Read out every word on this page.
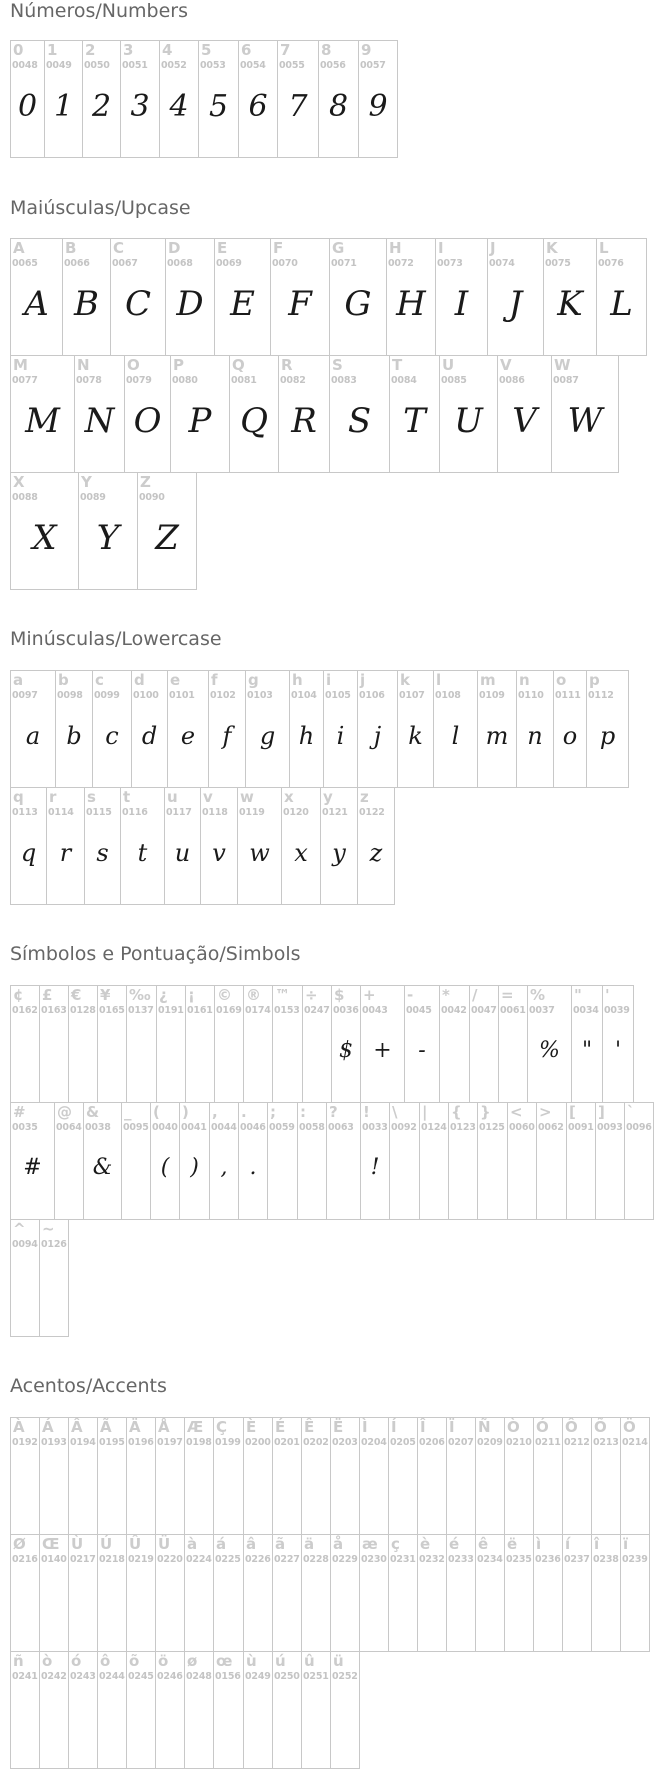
Números/Numbers
0
0048
0
1
0049
1
2
0050
2
3
0051
3
4
0052
4
5
0053
5
6
0054
6
7
0055
7
8
0056
8
9
0057
9
Maiúsculas/Upcase
A
0065
A
B
0066
B
C
0067
C
D
0068
D
E
0069
E
F
0070
F
G
0071
G
H
0072
H
I
0073
I
J
0074
J
K
0075
K
L
0076
L
M
0077
M
N
0078
N
O
0079
O
P
0080
P
Q
0081
Q
R
0082
R
S
0083
S
T
0084
T
U
0085
U
V
0086
V
W
0087
W
X
0088
X
Y
0089
Y
Z
0090
Z
Minúsculas/Lowercase
a
0097
a
b
0098
b
c
0099
c
d
0100
d
e
0101
e
f
0102
f
g
0103
g
h
0104
h
i
0105
i
j
0106
j
k
0107
k
l
0108
l
m
0109
m
n
0110
n
o
0111
o
p
0112
p
q
0113
q
r
0114
r
s
0115
s
t
0116
t
u
0117
u
v
0118
v
w
0119
w
x
0120
x
y
0121
y
z
0122
z
Símbolos e Pontuação/Simbols
¢
0162
£
0163
€
0128
¥
0165
‰
0137
¿
0191
¡
0161
©
0169
®
0174
™
0153
÷
0247
$
0036
$
+
0043
+
-
0045
-
*
0042
/
0047
=
0061
%
0037
%
"
0034
"
'
0039
'
#
0035
#
@
0064
&
0038
&
_
0095
(
0040
(
)
0041
)
,
0044
,
.
0046
.
;
0059
:
0058
?
0063
!
0033
!
\
0092
|
0124
{
0123
}
0125
<
0060
>
0062
[
0091
]
0093
`
0096
^
0094
~
0126
Acentos/Accents
À
0192
Á
0193
Â
0194
Ã
0195
Ä
0196
Å
0197
Æ
0198
Ç
0199
È
0200
É
0201
Ê
0202
Ë
0203
Ì
0204
Í
0205
Î
0206
Ï
0207
Ñ
0209
Ò
0210
Ó
0211
Ô
0212
Õ
0213
Ö
0214
Ø
0216
Œ
0140
Ù
0217
Ú
0218
Û
0219
Ü
0220
à
0224
á
0225
â
0226
ã
0227
ä
0228
å
0229
æ
0230
ç
0231
è
0232
é
0233
ê
0234
ë
0235
ì
0236
í
0237
î
0238
ï
0239
ñ
0241
ò
0242
ó
0243
ô
0244
õ
0245
ö
0246
ø
0248
œ
0156
ù
0249
ú
0250
û
0251
ü
0252
